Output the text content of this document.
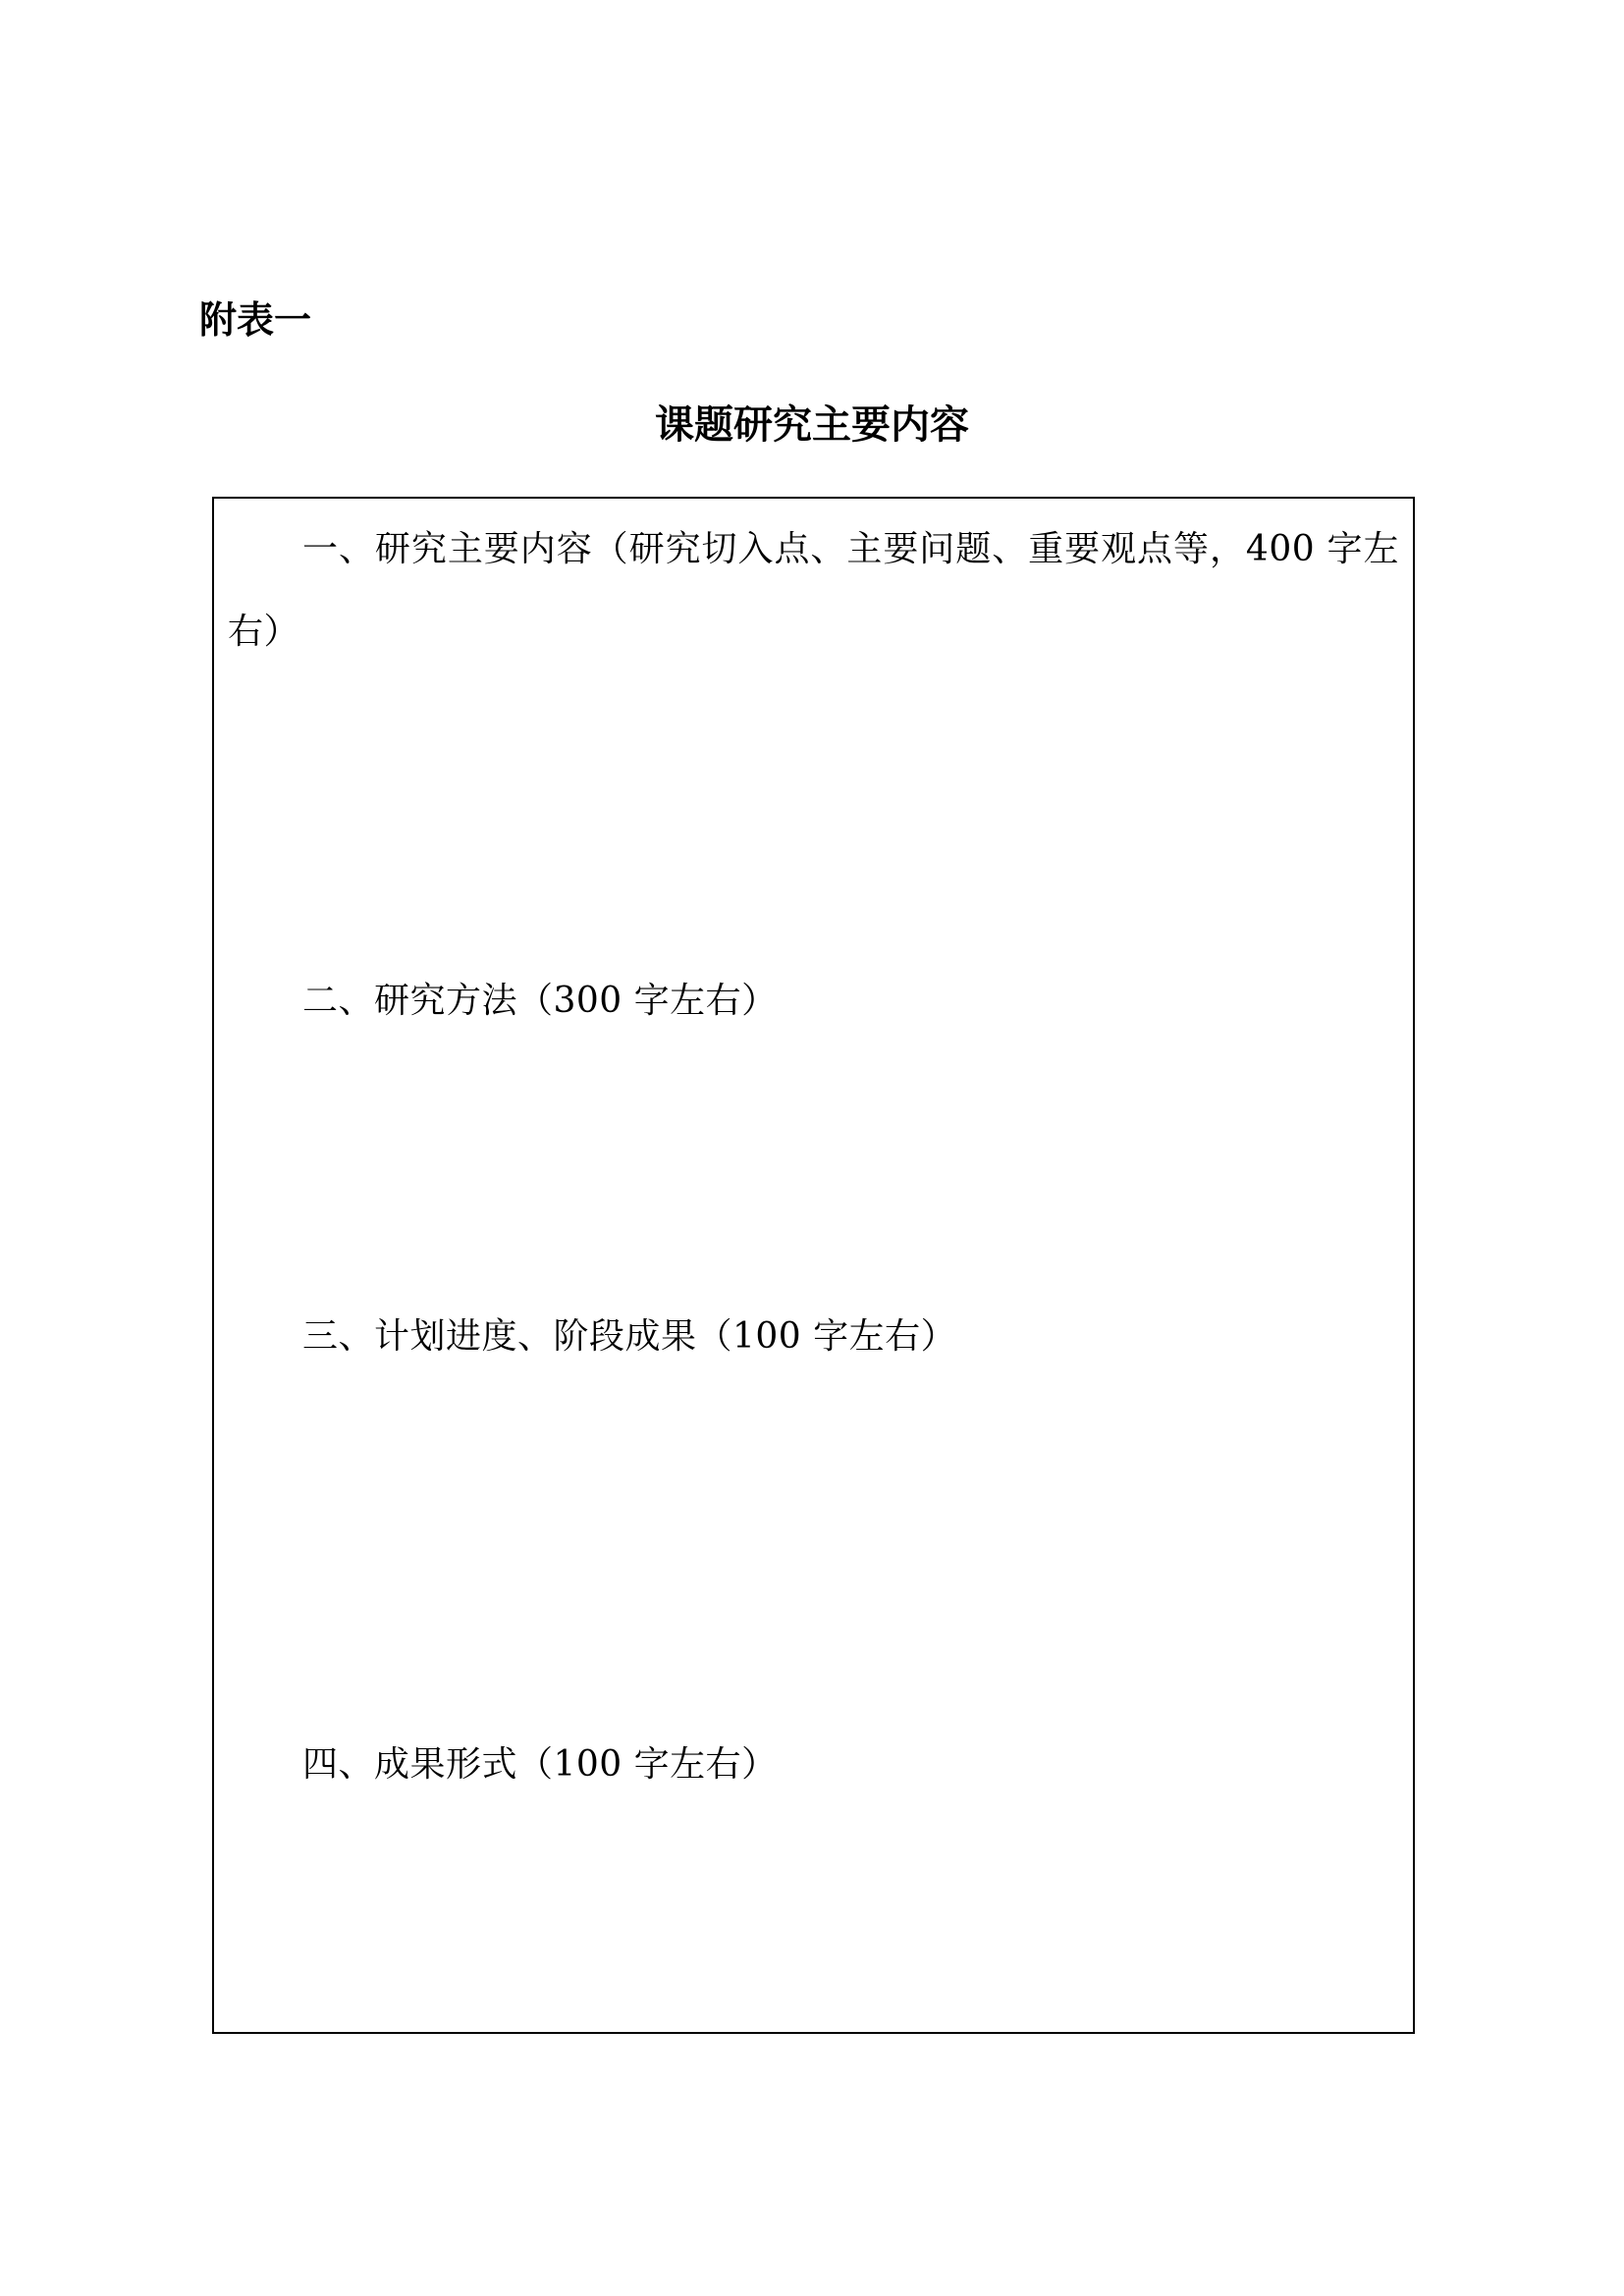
附表一

课题研究主要内容

一、研究主要内容（研究切入点、主要问题、重要观点等，400 字左右）

二、研究方法（300 字左右）

三、计划进度、阶段成果（100 字左右）

四、成果形式（100 字左右）
